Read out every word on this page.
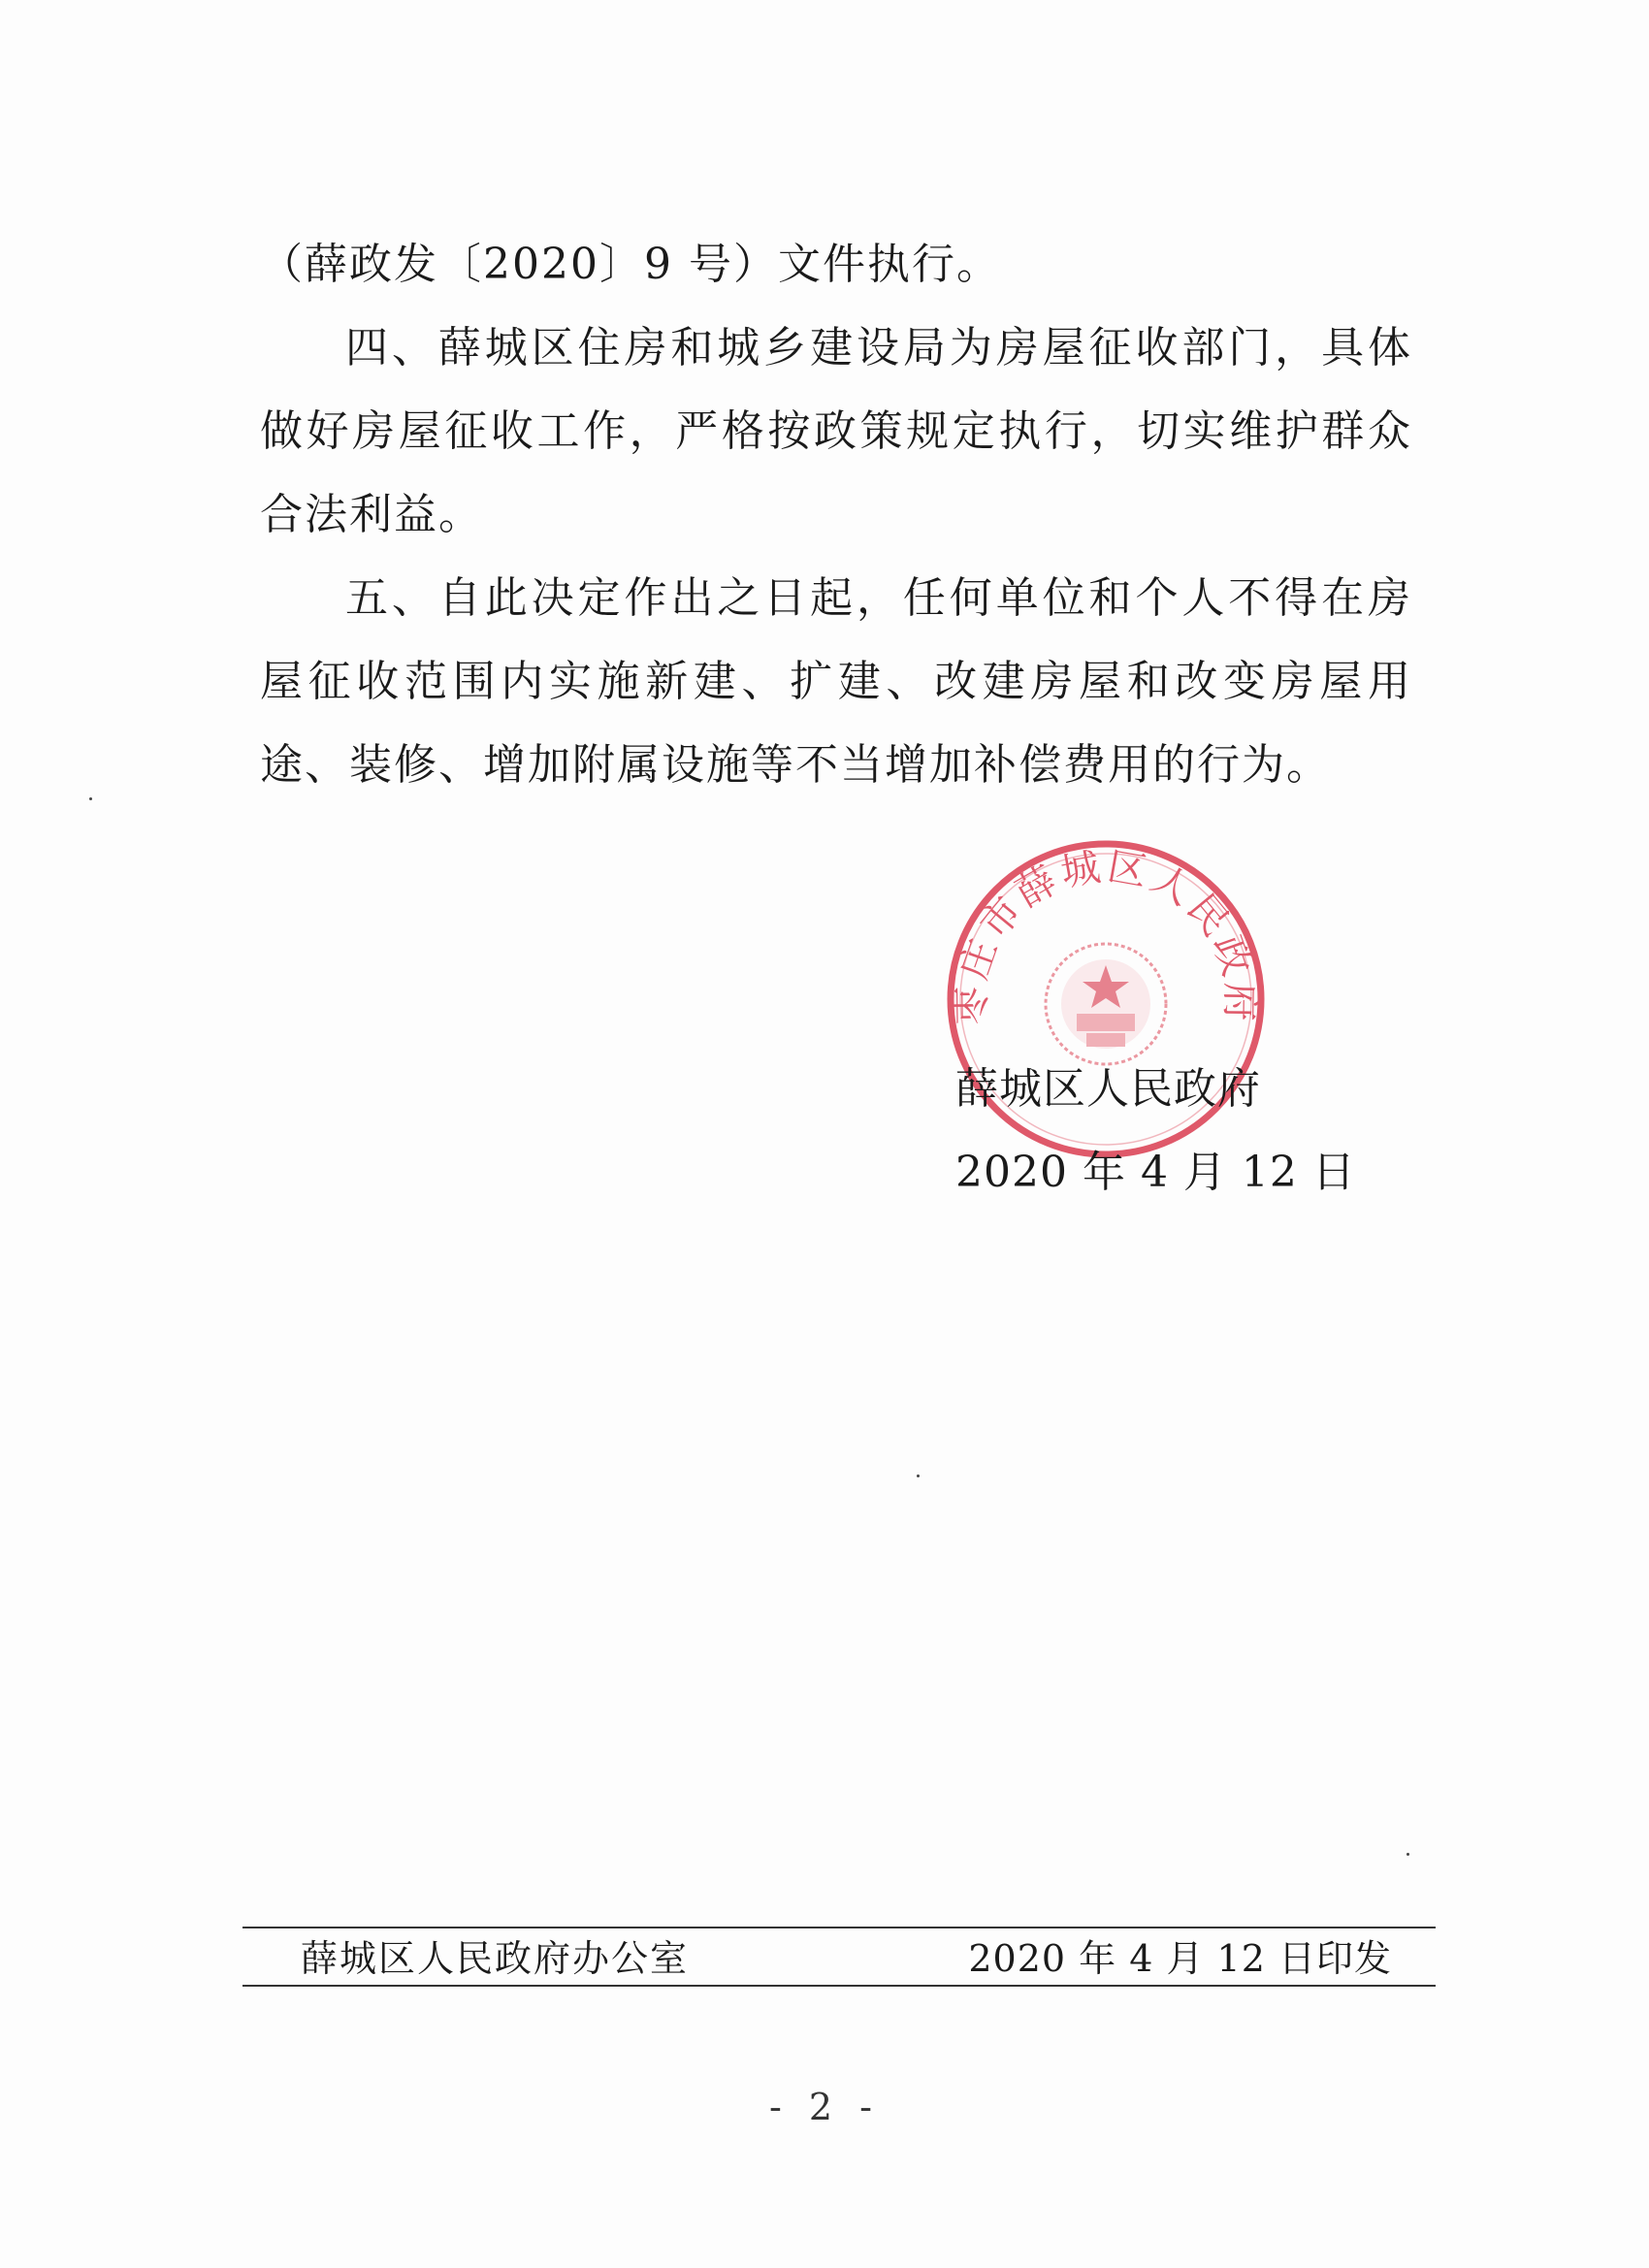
（薛政发〔2020〕9 号）文件执行。

四、薛城区住房和城乡建设局为房屋征收部门，具体做好房屋征收工作，严格按政策规定执行，切实维护群众合法利益。

五、自此决定作出之日起，任何单位和个人不得在房屋征收范围内实施新建、扩建、改建房屋和改变房屋用途、装修、增加附属设施等不当增加补偿费用的行为。

枣庄市薛城区人民政府
薛城区人民政府
2020 年 4 月 12 日
薛城区人民政府办公室	2020 年 4 月 12 日印发
- 2 -
